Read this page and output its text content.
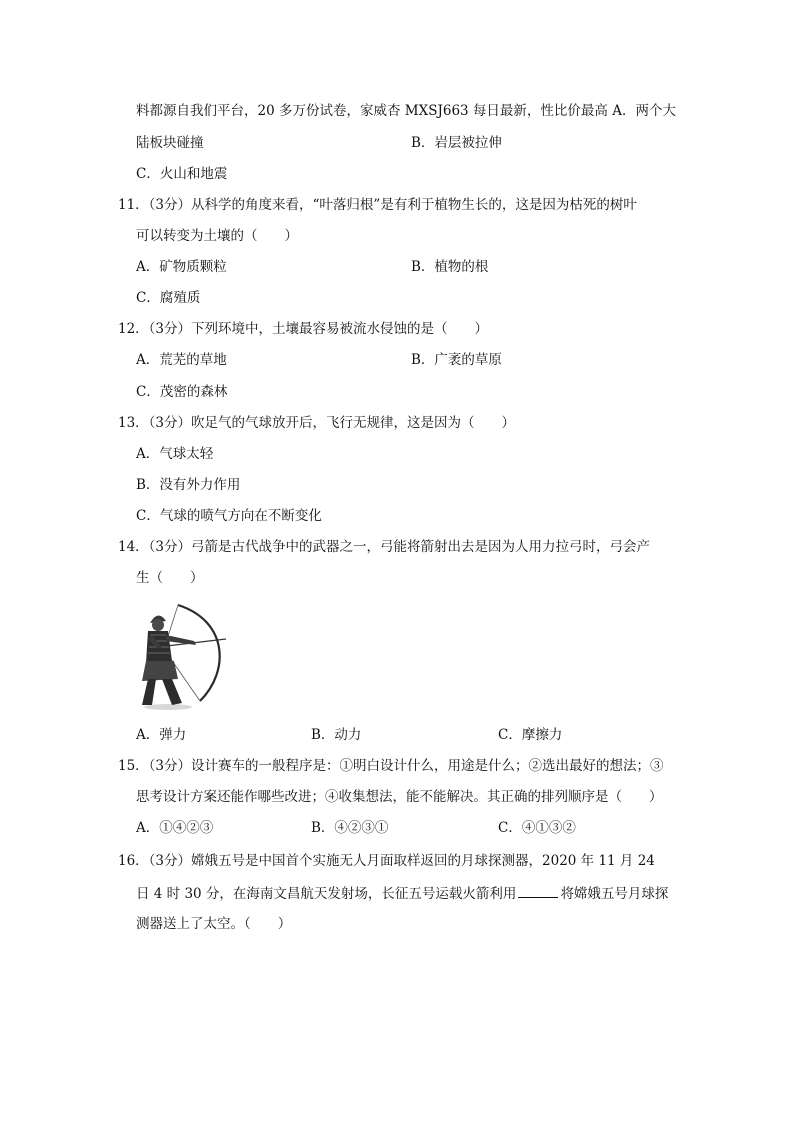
料都源自我们平台，20 多万份试卷，家威杏 MXSJ663 每日最新，性比价最高 A．两个大
陆板块碰撞	B．岩层被拉伸
C．火山和地震
11．（3分）从科学的角度来看，“叶落归根”是有利于植物生长的，这是因为枯死的树叶
可以转变为土壤的（　　）
A．矿物质颗粒	B．植物的根
C．腐殖质
12．（3分）下列环境中，土壤最容易被流水侵蚀的是（　　）
A．荒芜的草地	B．广袤的草原
C．茂密的森林
13．（3分）吹足气的气球放开后，飞行无规律，这是因为（　　）
A．气球太轻
B．没有外力作用
C．气球的喷气方向在不断变化
14．（3分）弓箭是古代战争中的武器之一，弓能将箭射出去是因为人用力拉弓时，弓会产
生（　　）
A．弹力	B．动力	C．摩擦力
15．（3分）设计赛车的一般程序是：①明白设计什么，用途是什么；②选出最好的想法；③
思考设计方案还能作哪些改进；④收集想法，能不能解决。其正确的排列顺序是（　　）
A．①④②③	B．④②③①	C．④①③②
16．（3分）嫦娥五号是中国首个实施无人月面取样返回的月球探测器，2020 年 11 月 24
日 4 时 30 分，在海南文昌航天发射场，长征五号运载火箭利用	将嫦娥五号月球探
测器送上了太空。（　　）
